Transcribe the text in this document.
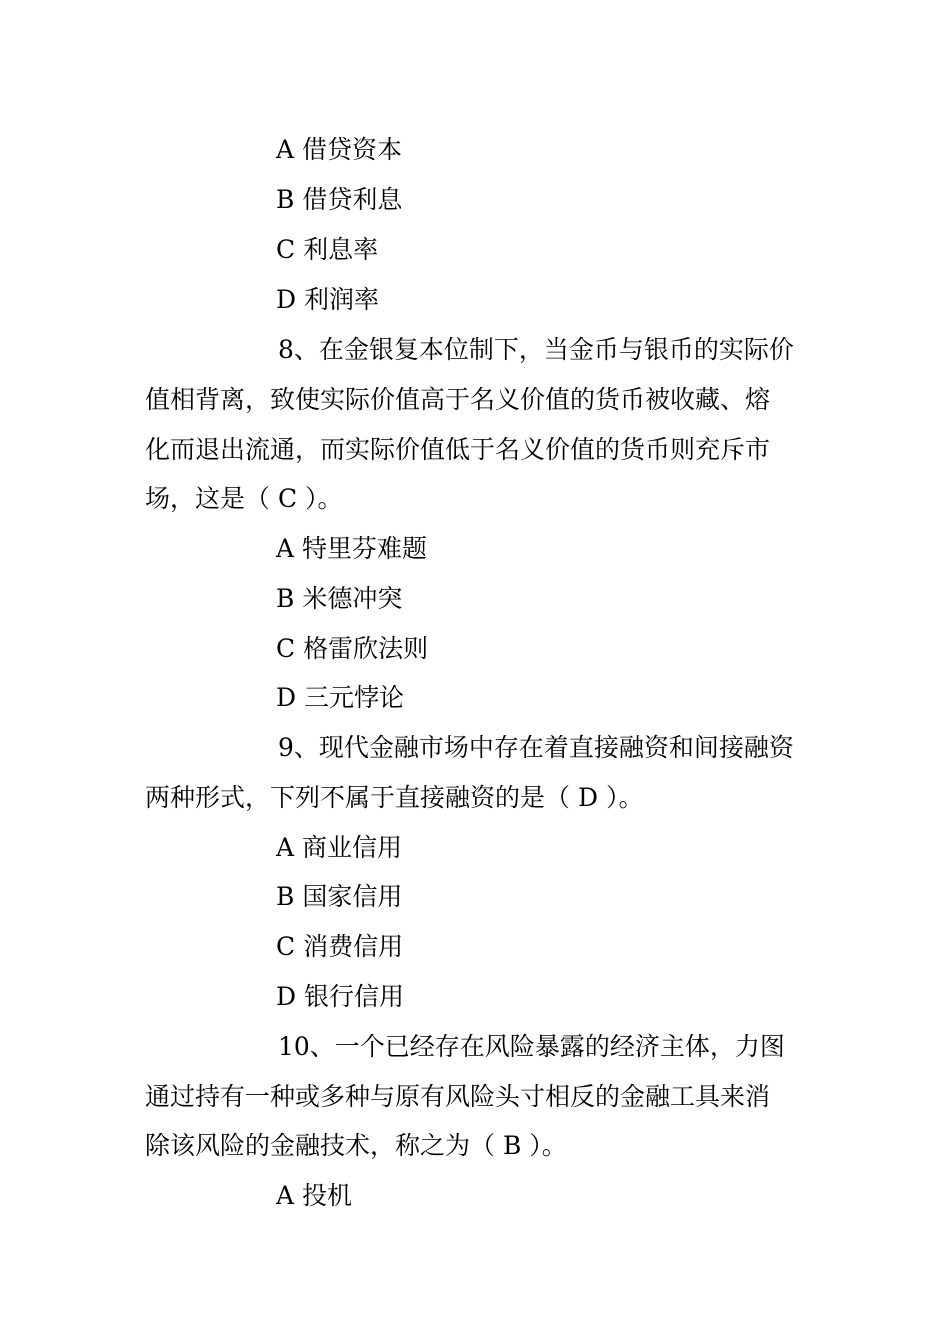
A 借贷资本

B 借贷利息

C 利息率

D 利润率

8、在金银复本位制下，当金币与银币的实际价

值相背离，致使实际价值高于名义价值的货币被收藏、熔

化而退出流通，而实际价值低于名义价值的货币则充斥市

场，这是（ C ）。

A 特里芬难题

B 米德冲突

C 格雷欣法则

D 三元悖论

9、现代金融市场中存在着直接融资和间接融资

两种形式，下列不属于直接融资的是（ D ）。

A 商业信用

B 国家信用

C 消费信用

D 银行信用

10、一个已经存在风险暴露的经济主体，力图

通过持有一种或多种与原有风险头寸相反的金融工具来消

除该风险的金融技术，称之为（ B ）。

A 投机
